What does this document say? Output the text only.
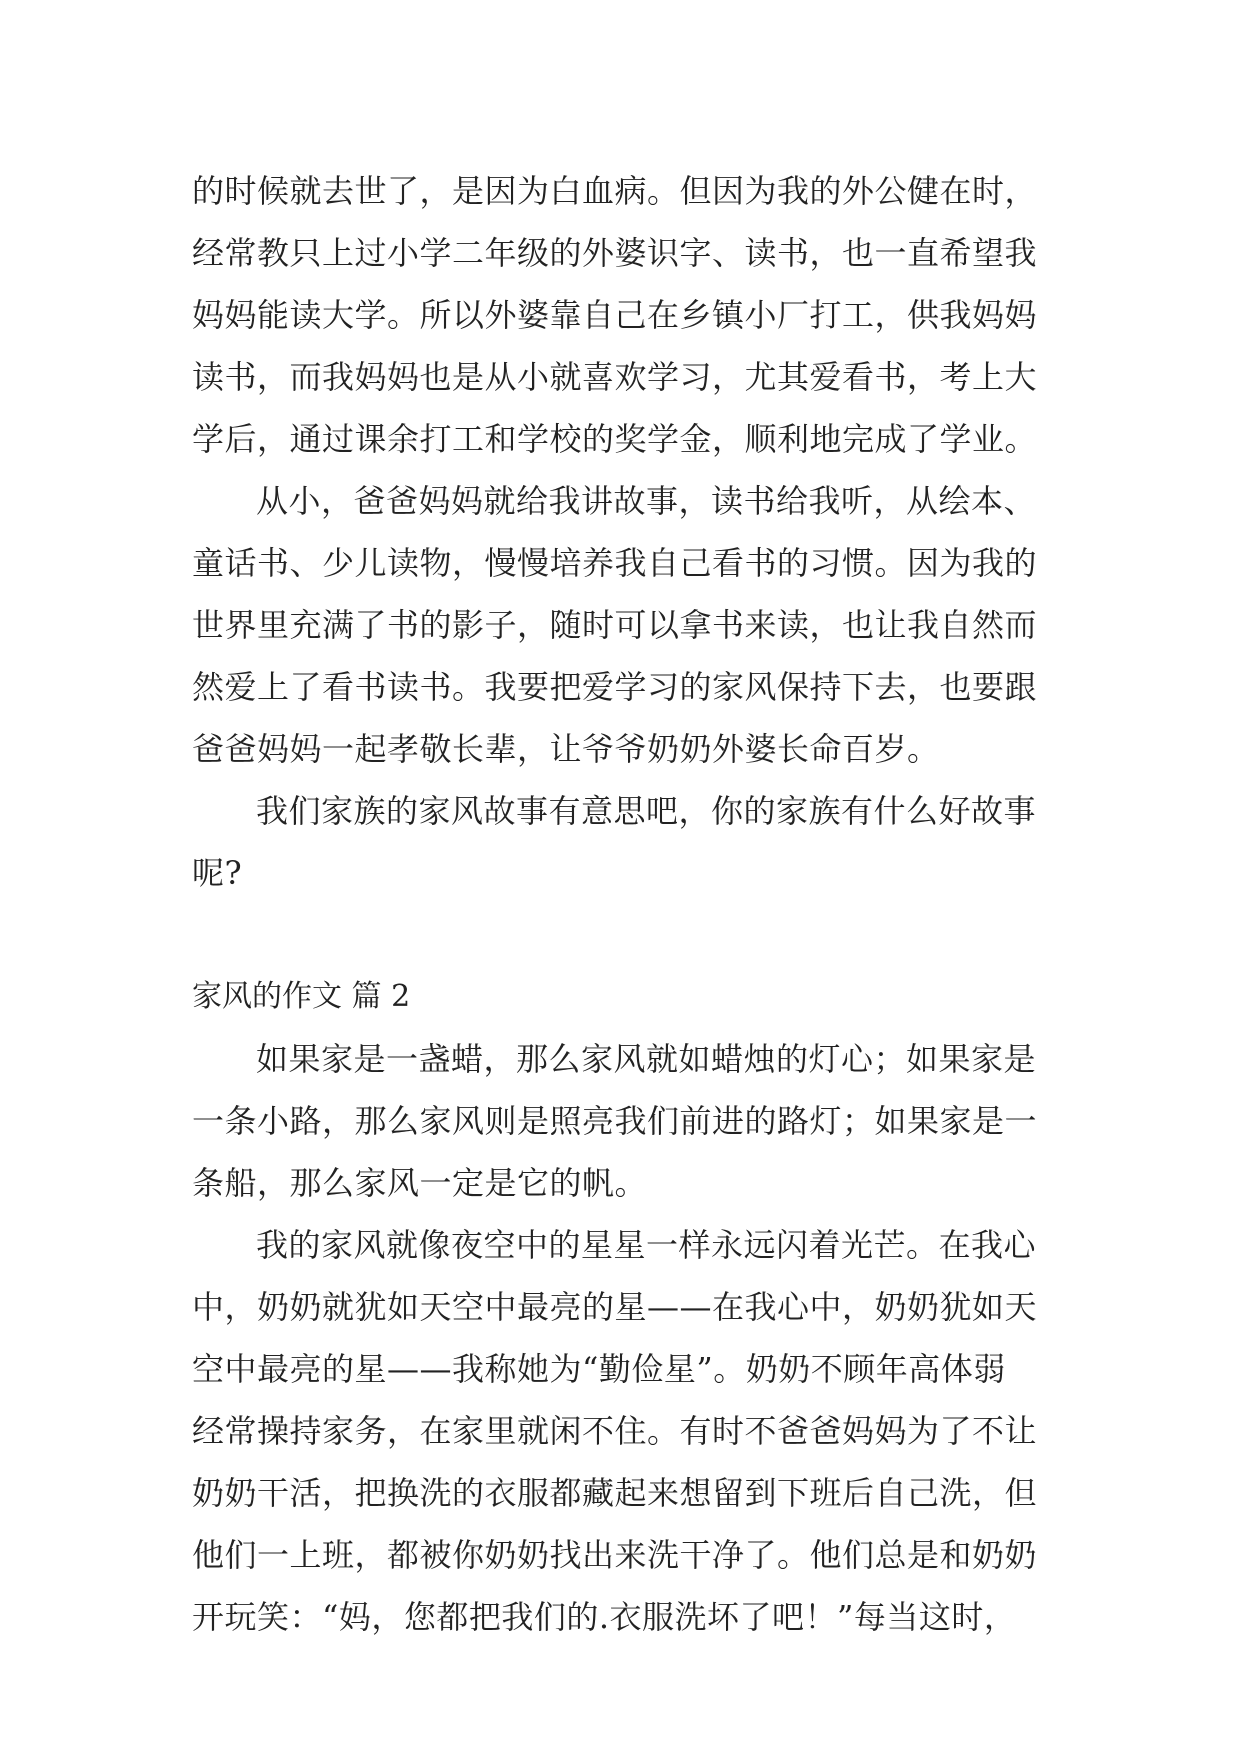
的时候就去世了，是因为白血病。但因为我的外公健在时，
经常教只上过小学二年级的外婆识字、读书，也一直希望我
妈妈能读大学。所以外婆靠自己在乡镇小厂打工，供我妈妈
读书，而我妈妈也是从小就喜欢学习，尤其爱看书，考上大
学后，通过课余打工和学校的奖学金，顺利地完成了学业。
从小，爸爸妈妈就给我讲故事，读书给我听，从绘本、
童话书、少儿读物，慢慢培养我自己看书的习惯。因为我的
世界里充满了书的影子，随时可以拿书来读，也让我自然而
然爱上了看书读书。我要把爱学习的家风保持下去，也要跟
爸爸妈妈一起孝敬长辈，让爷爷奶奶外婆长命百岁。
我们家族的家风故事有意思吧，你的家族有什么好故事
呢?
家风的作文 篇 2
如果家是一盏蜡，那么家风就如蜡烛的灯心；如果家是
一条小路，那么家风则是照亮我们前进的路灯；如果家是一
条船，那么家风一定是它的帆。
我的家风就像夜空中的星星一样永远闪着光芒。在我心
中，奶奶就犹如天空中最亮的星——在我心中，奶奶犹如天
空中最亮的星——我称她为“勤俭星”。奶奶不顾年高体弱
经常操持家务，在家里就闲不住。有时不爸爸妈妈为了不让
奶奶干活，把换洗的衣服都藏起来想留到下班后自己洗，但
他们一上班，都被你奶奶找出来洗干净了。他们总是和奶奶
开玩笑：“妈，您都把我们的.衣服洗坏了吧！”每当这时，
